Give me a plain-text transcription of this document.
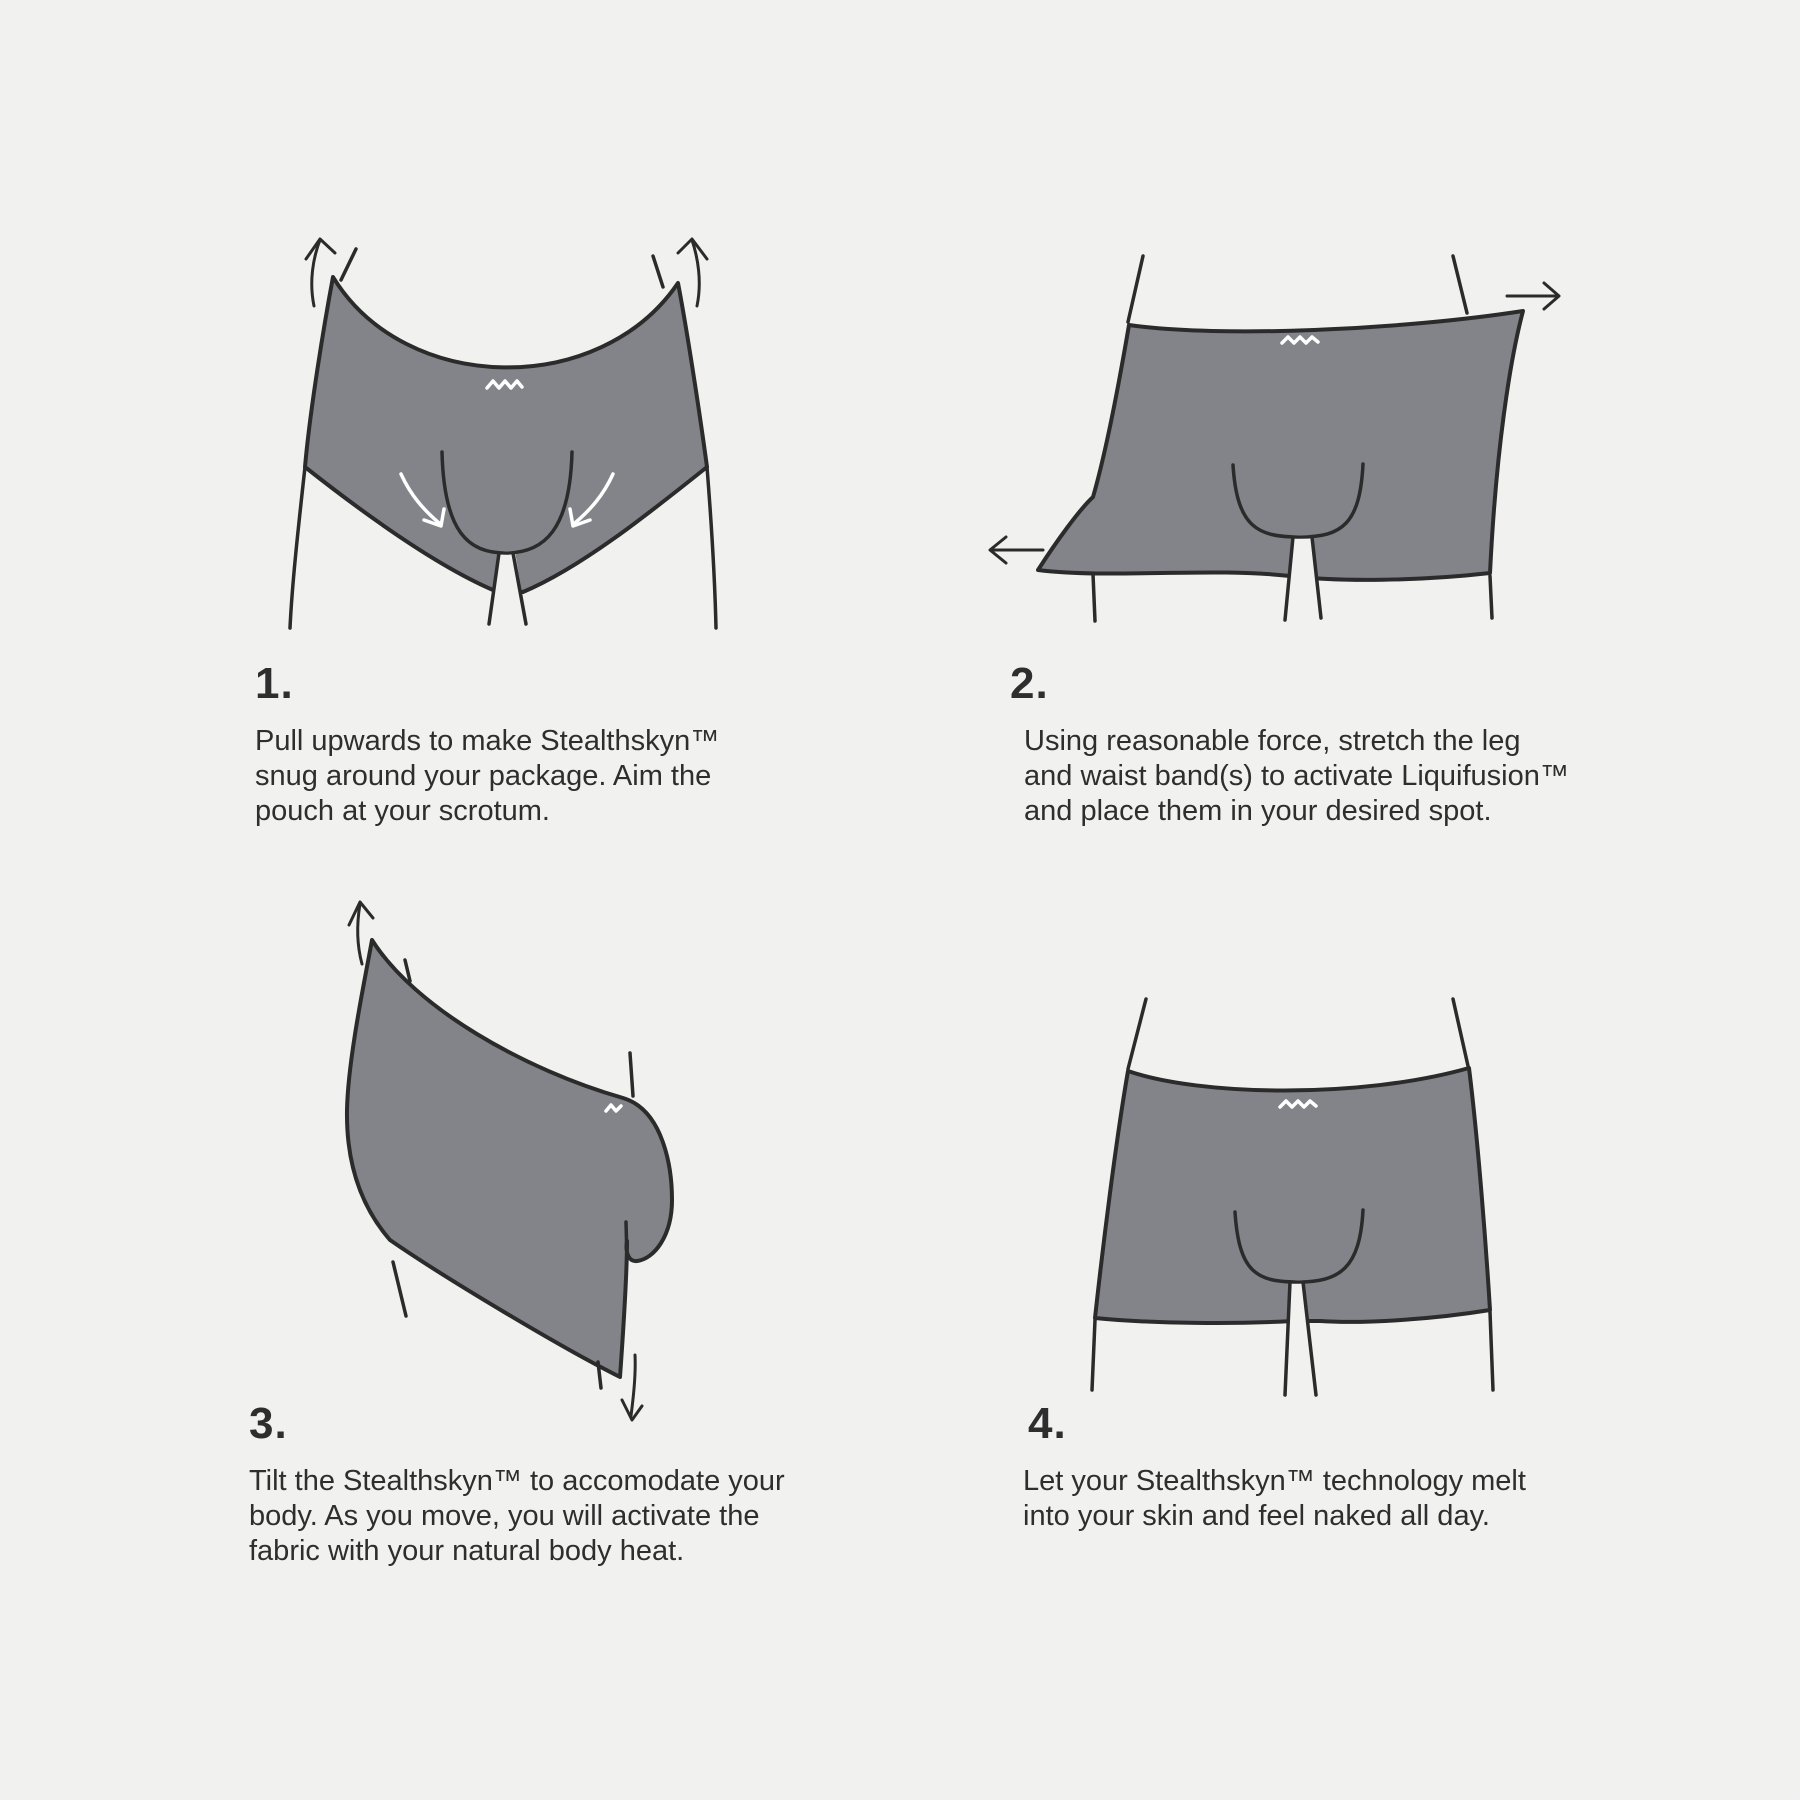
1.
Pull upwards to make Stealthskyn™
snug around your package. Aim the
pouch at your scrotum.
2.
Using reasonable force, stretch the leg
and waist band(s) to activate Liquifusion™
and place them in your desired spot.
3.
Tilt the Stealthskyn™ to accomodate your
body. As you move, you will activate the
fabric with your natural body heat.
4.
Let your Stealthskyn™ technology melt
into your skin and feel naked all day.
